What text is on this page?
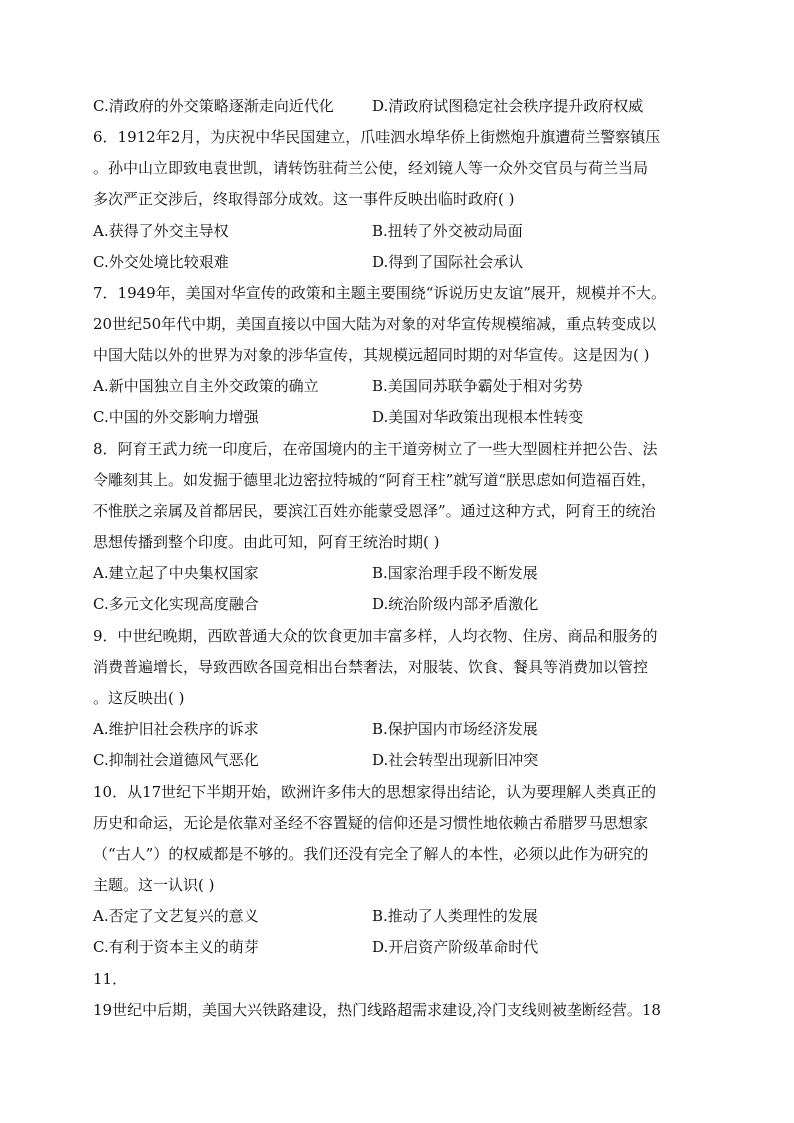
C.清政府的外交策略逐渐走向近代化	D.清政府试图稳定社会秩序提升政府权威
6．1912年2月，为庆祝中华民国建立，爪哇泗水埠华侨上街燃炮升旗遭荷兰警察镇压
。孙中山立即致电袁世凯，请转饬驻荷兰公使，经刘镜人等一众外交官员与荷兰当局
多次严正交涉后，终取得部分成效。这一事件反映出临时政府( )
A.获得了外交主导权	B.扭转了外交被动局面
C.外交处境比较艰难	D.得到了国际社会承认
7．1949年，美国对华宣传的政策和主题主要围绕“诉说历史友谊”展开，规模并不大。
20世纪50年代中期，美国直接以中国大陆为对象的对华宣传规模缩减，重点转变成以
中国大陆以外的世界为对象的涉华宣传，其规模远超同时期的对华宣传。这是因为( )
A.新中国独立自主外交政策的确立	B.美国同苏联争霸处于相对劣势
C.中国的外交影响力增强	D.美国对华政策出现根本性转变
8．阿育王武力统一印度后，在帝国境内的主干道旁树立了一些大型圆柱并把公告、法
令雕刻其上。如发掘于德里北边密拉特城的“阿育王柱”就写道“朕思虑如何造福百姓，
不惟朕之亲属及首都居民，要滨江百姓亦能蒙受恩泽”。通过这种方式，阿育王的统治
思想传播到整个印度。由此可知，阿育王统治时期( )
A.建立起了中央集权国家	B.国家治理手段不断发展
C.多元文化实现高度融合	D.统治阶级内部矛盾激化
9．中世纪晚期，西欧普通大众的饮食更加丰富多样，人均衣物、住房、商品和服务的
消费普遍增长，导致西欧各国竞相出台禁奢法，对服装、饮食、餐具等消费加以管控
。这反映出( )
A.维护旧社会秩序的诉求	B.保护国内市场经济发展
C.抑制社会道德风气恶化	D.社会转型出现新旧冲突
10．从17世纪下半期开始，欧洲许多伟大的思想家得出结论，认为要理解人类真正的
历史和命运，无论是依靠对圣经不容置疑的信仰还是习惯性地依赖古希腊罗马思想家
（“古人”）的权威都是不够的。我们还没有完全了解人的本性，必须以此作为研究的
主题。这一认识( )
A.否定了文艺复兴的意义	B.推动了人类理性的发展
C.有利于资本主义的萌芽	D.开启资产阶级革命时代
11．
19世纪中后期，美国大兴铁路建设，热门线路超需求建设,冷门支线则被垄断经营。18
